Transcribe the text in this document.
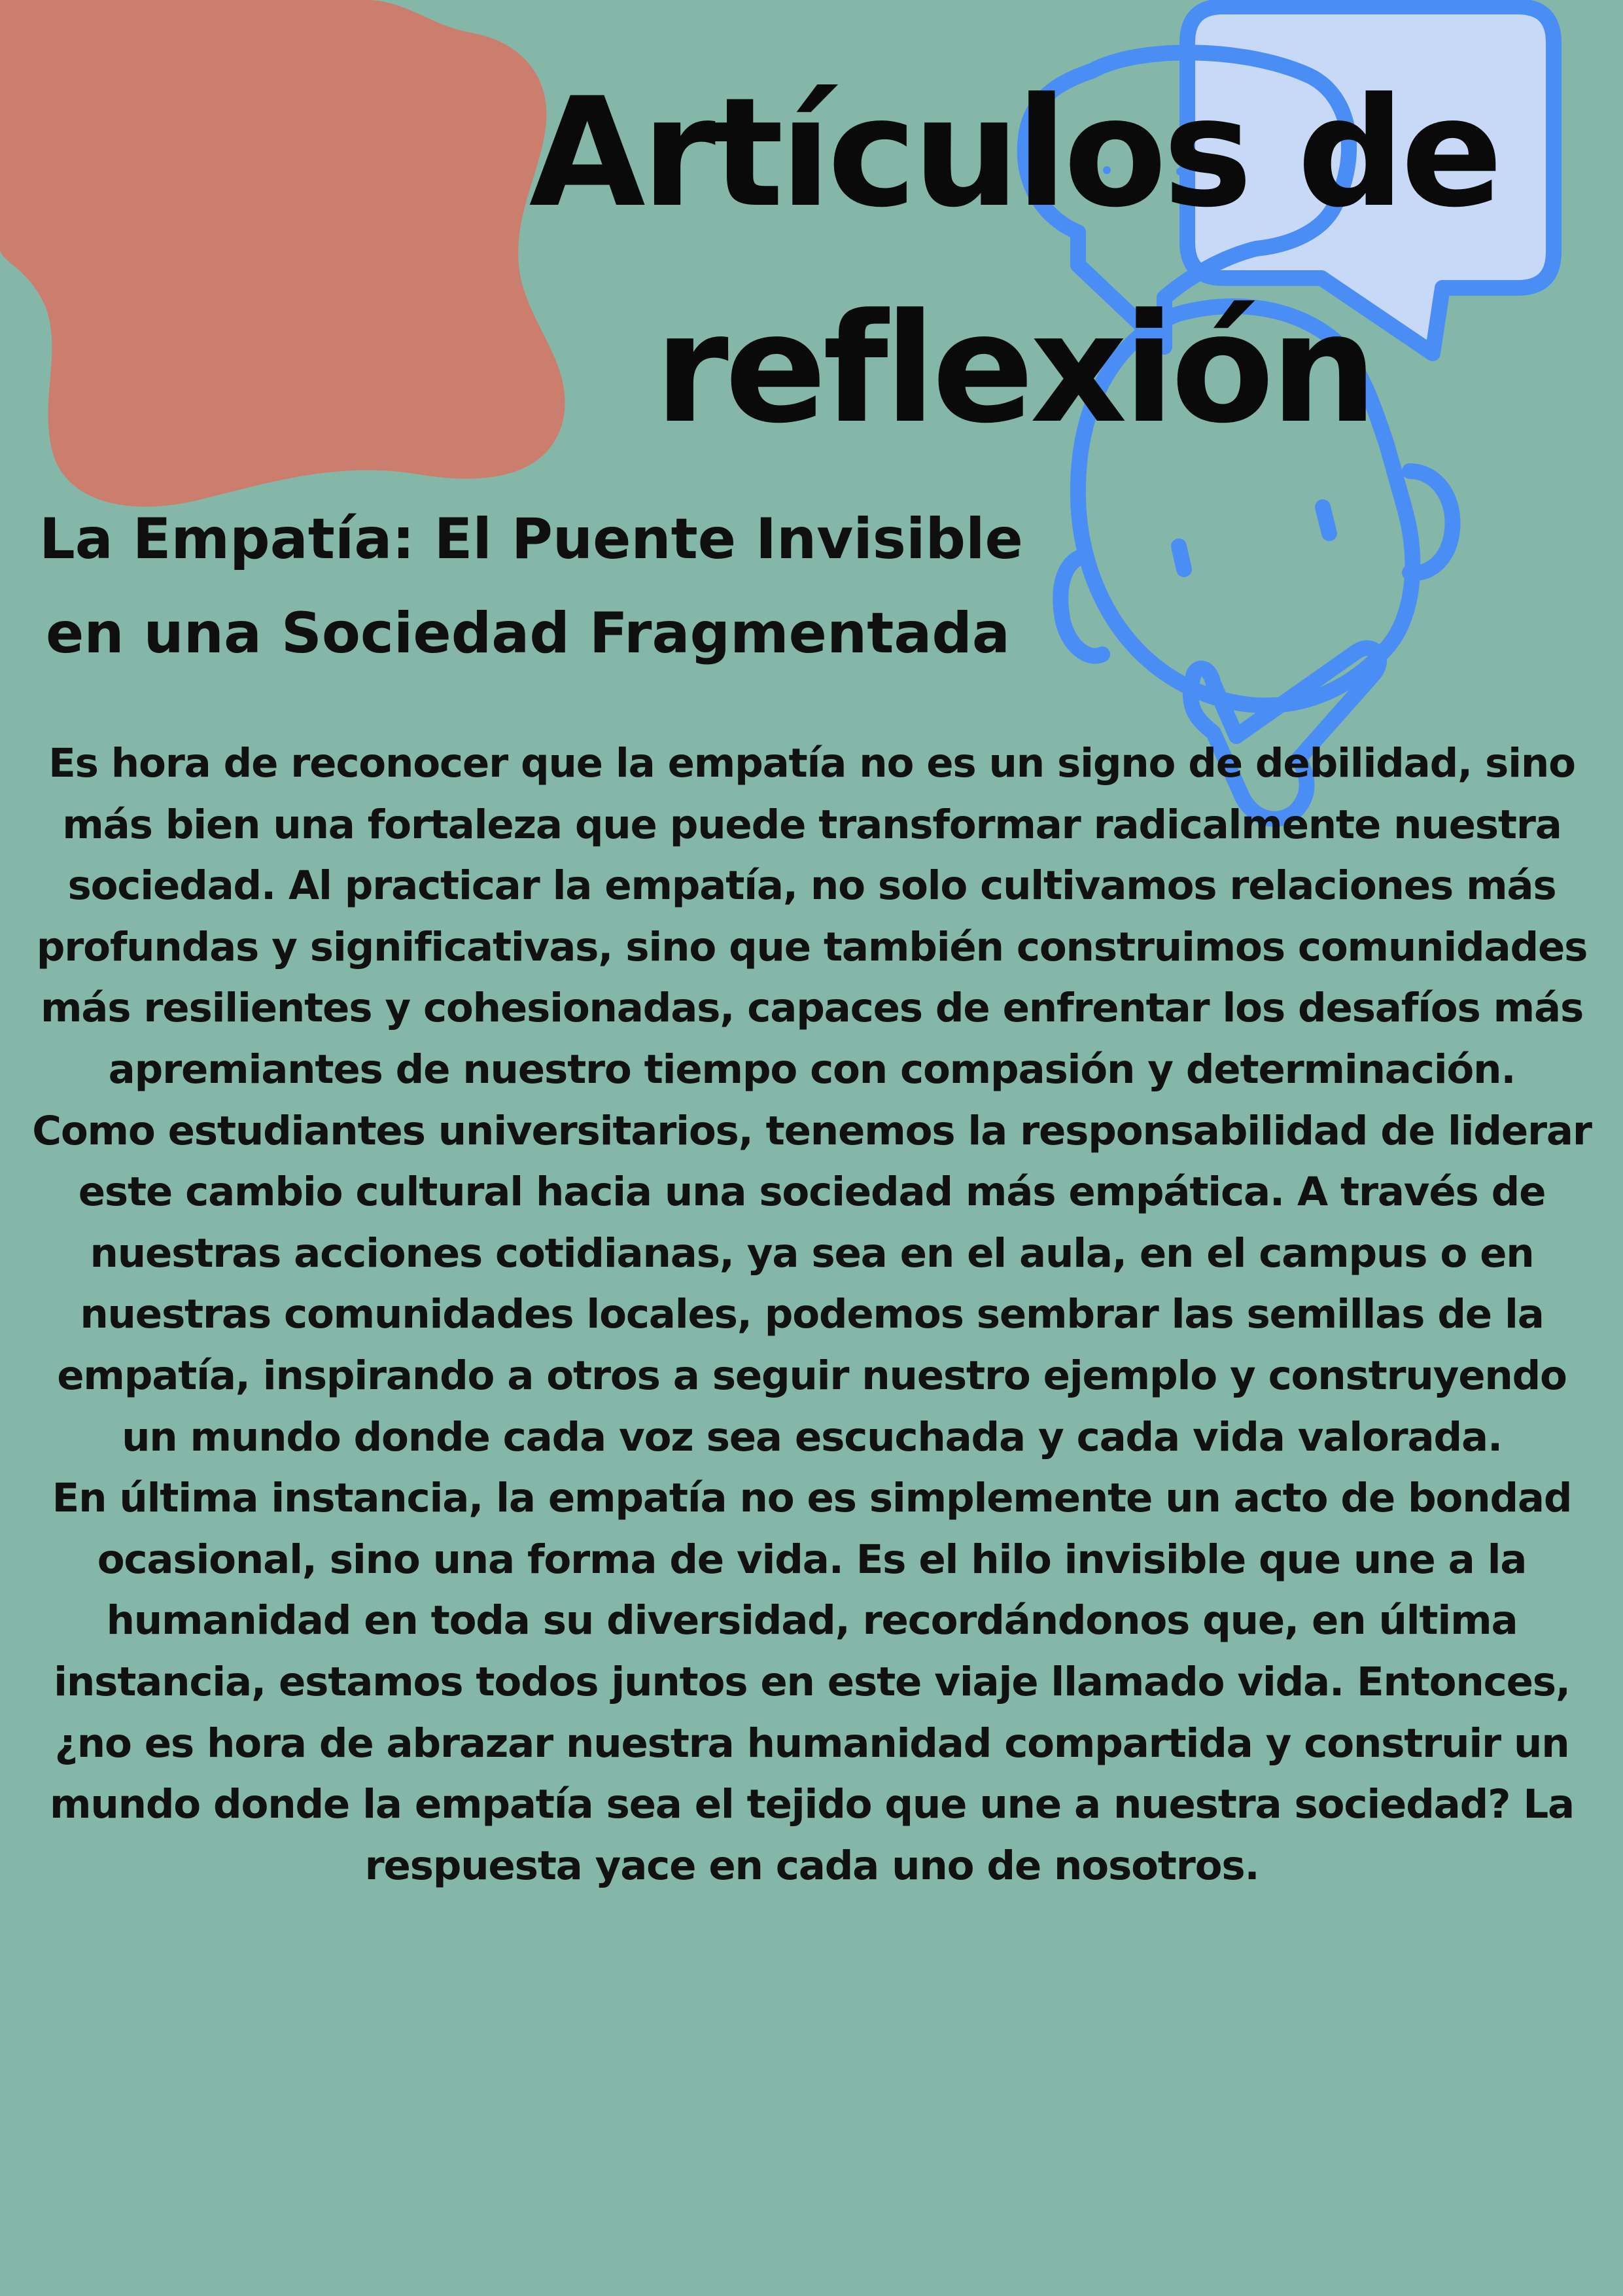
Artículos de
reflexión
La Empatía: El Puente Invisible
en una Sociedad Fragmentada

Es hora de reconocer que la empatía no es un signo de debilidad, sino más bien una fortaleza que puede transformar radicalmente nuestra sociedad. Al practicar la empatía, no solo cultivamos relaciones más profundas y significativas, sino que también construimos comunidades más resilientes y cohesionadas, capaces de enfrentar los desafíos más apremiantes de nuestro tiempo con compasión y determinación.

Como estudiantes universitarios, tenemos la responsabilidad de liderar este cambio cultural hacia una sociedad más empática. A través de nuestras acciones cotidianas, ya sea en el aula, en el campus o en nuestras comunidades locales, podemos sembrar las semillas de la empatía, inspirando a otros a seguir nuestro ejemplo y construyendo un mundo donde cada voz sea escuchada y cada vida valorada.

En última instancia, la empatía no es simplemente un acto de bondad ocasional, sino una forma de vida. Es el hilo invisible que une a la humanidad en toda su diversidad, recordándonos que, en última instancia, estamos todos juntos en este viaje llamado vida. Entonces, ¿no es hora de abrazar nuestra humanidad compartida y construir un mundo donde la empatía sea el tejido que une a nuestra sociedad? La respuesta yace en cada uno de nosotros.
